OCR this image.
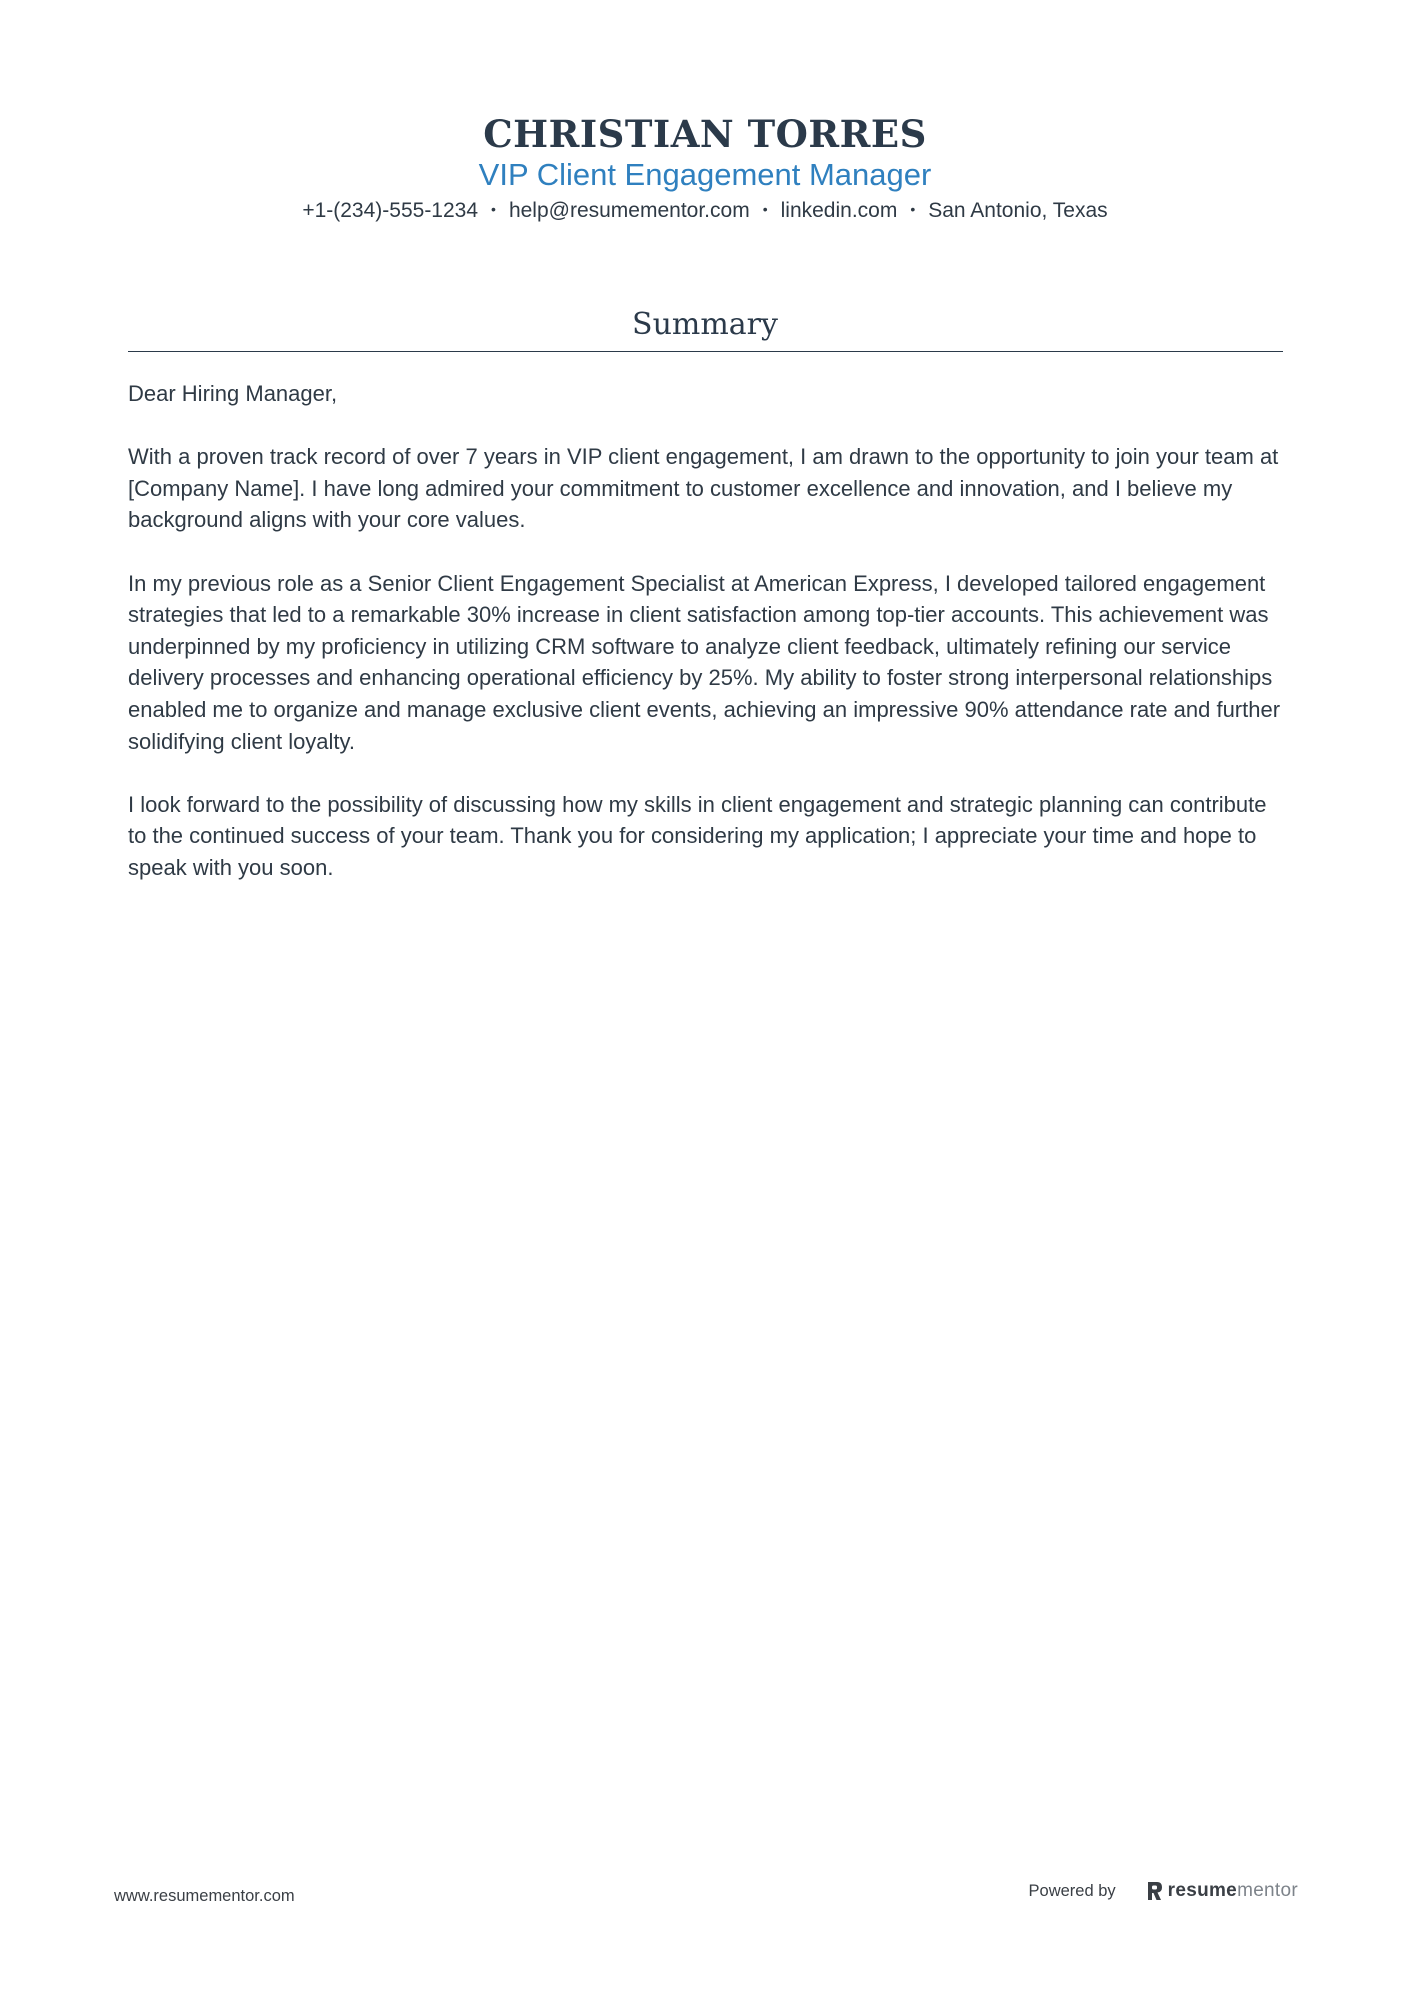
CHRISTIAN TORRES
VIP Client Engagement Manager
+1-(234)-555-1234 • help@resumementor.com • linkedin.com • San Antonio, Texas
Summary

Dear Hiring Manager,

With a proven track record of over 7 years in VIP client engagement, I am drawn to the opportunity to join your team at [Company Name]. I have long admired your commitment to customer excellence and innovation, and I believe my background aligns with your core values.

In my previous role as a Senior Client Engagement Specialist at American Express, I developed tailored engagement strategies that led to a remarkable 30% increase in client satisfaction among top-tier accounts. This achievement was underpinned by my proficiency in utilizing CRM software to analyze client feedback, ultimately refining our service delivery processes and enhancing operational efficiency by 25%. My ability to foster strong interpersonal relationships enabled me to organize and manage exclusive client events, achieving an impressive 90% attendance rate and further solidifying client loyalty.

I look forward to the possibility of discussing how my skills in client engagement and strategic planning can contribute to the continued success of your team. Thank you for considering my application; I appreciate your time and hope to speak with you soon.

www.resumementor.com	Powered by	resume mentor
